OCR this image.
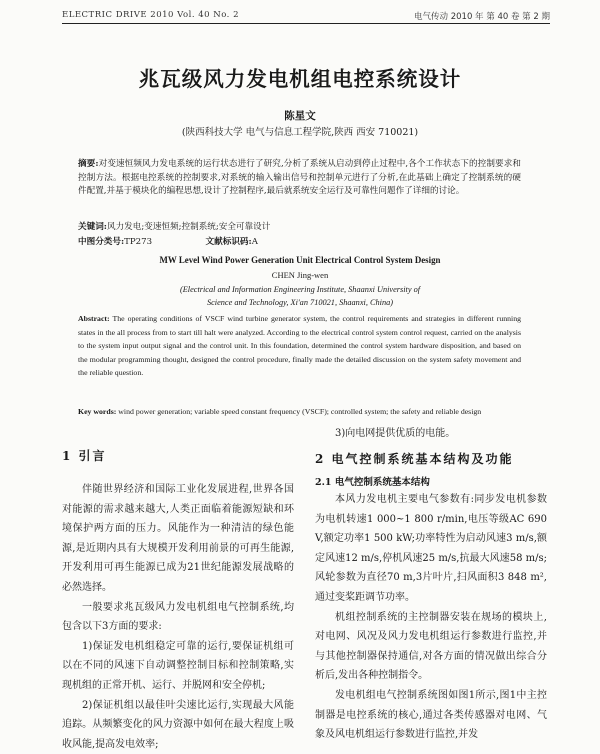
ELECTRIC DRIVE 2010 Vol. 40 No. 2	电气传动 2010 年 第 40 卷 第 2 期
兆瓦级风力发电机组电控系统设计
陈星文
(陕西科技大学 电气与信息工程学院,陕西 西安 710021)
摘要:对变速恒频风力发电系统的运行状态进行了研究,分析了系统从启动到停止过程中,各个工作状态下的控制要求和控制方法。根据电控系统的控制要求,对系统的输入输出信号和控制单元进行了分析,在此基础上确定了控制系统的硬件配置,并基于模块化的编程思想,设计了控制程序,最后就系统安全运行及可靠性问题作了详细的讨论。
关键词:风力发电;变速恒频;控制系统;安全可靠设计
中图分类号:TP273	文献标识码:A
MW Level Wind Power Generation Unit Electrical Control System Design
CHEN Jing-wen
(Electrical and Information Engineering Institute, Shaanxi University of
Science and Technology, Xi'an 710021, Shaanxi, China)
Abstract: The operating conditions of VSCF wind turbine generator system, the control requirements and strategies in different running states in the all process from to start till halt were analyzed. According to the electrical control system control request, carried on the analysis to the system input output signal and the control unit. In this foundation, determined the control system hardware disposition, and based on the modular programming thought, designed the control procedure, finally made the detailed discussion on the system safety movement and the reliable question.
Key words: wind power generation; variable speed constant frequency (VSCF); controlled system; the safety and reliable design
1 引言

伴随世界经济和国际工业化发展进程,世界各国对能源的需求越来越大,人类正面临着能源短缺和环境保护两方面的压力。风能作为一种清洁的绿色能源,是近期内具有大规模开发利用前景的可再生能源,开发利用可再生能源已成为21世纪能源发展战略的必然选择。

一般要求兆瓦级风力发电机组电气控制系统,均包含以下3方面的要求:

1)保证发电机组稳定可靠的运行,要保证机组可以在不同的风速下自动调整控制目标和控制策略,实现机组的正常开机、运行、并脱网和安全停机;

2)保证机组以最佳叶尖速比运行,实现最大风能追踪。从频繁变化的风力资源中如何在最大程度上吸收风能,提高发电效率;

3)向电网提供优质的电能。

2 电气控制系统基本结构及功能
2.1 电气控制系统基本结构

本风力发电机主要电气参数有:同步发电机参数为电机转速1 000~1 800 r/min,电压等级AC 690 V,额定功率1 500 kW;功率特性为启动风速3 m/s,额定风速12 m/s,停机风速25 m/s,抗最大风速58 m/s;风轮参数为直径70 m,3片叶片,扫风面积3 848 m²,通过变桨距调节功率。

机组控制系统的主控制器安装在规场的模块上,对电网、风况及风力发电机组运行参数进行监控,并与其他控制器保持通信,对各方面的情况做出综合分析后,发出各种控制指令。

发电机组电气控制系统图如图1所示,图1中主控制器是电控系统的核心,通过各类传感器对电网、气象及风电机组运行参数进行监控,并发
